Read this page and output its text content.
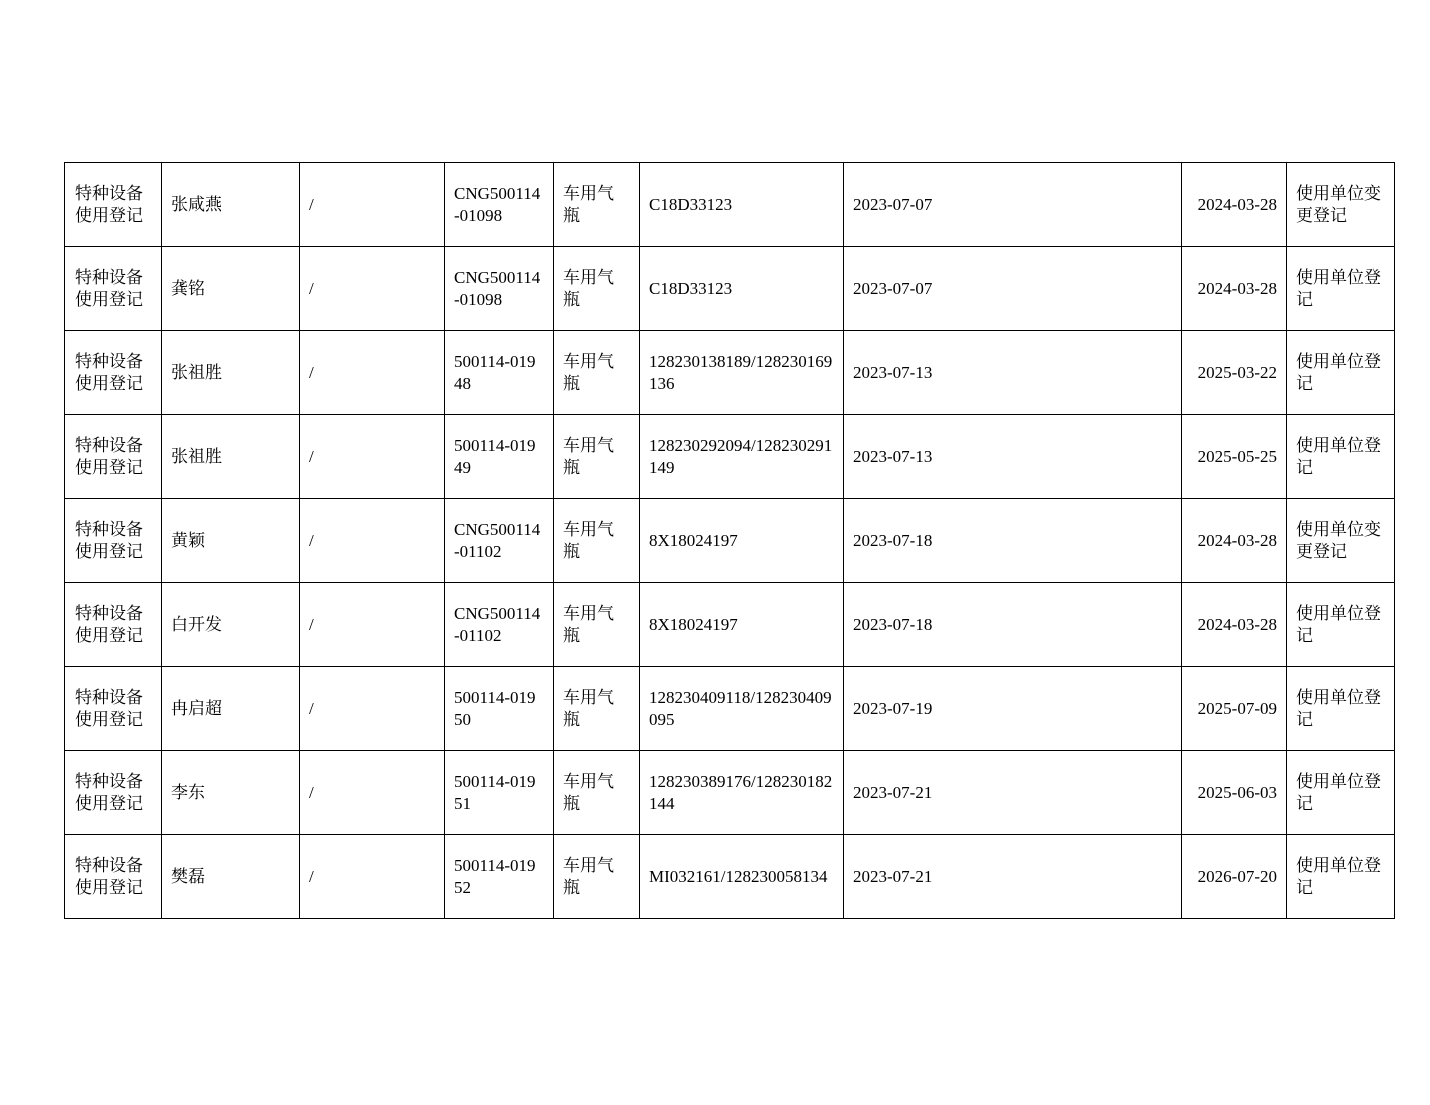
特种设备使用登记	张咸燕	/	CNG500114-01098	车用气瓶	C18D33123	2023-07-07	2024-03-28	使用单位变更登记
特种设备使用登记	龚铭	/	CNG500114-01098	车用气瓶	C18D33123	2023-07-07	2024-03-28	使用单位登记
特种设备使用登记	张祖胜	/	500114-01948	车用气瓶	128230138189/128230169136	2023-07-13	2025-03-22	使用单位登记
特种设备使用登记	张祖胜	/	500114-01949	车用气瓶	128230292094/128230291149	2023-07-13	2025-05-25	使用单位登记
特种设备使用登记	黄颖	/	CNG500114-01102	车用气瓶	8X18024197	2023-07-18	2024-03-28	使用单位变更登记
特种设备使用登记	白开发	/	CNG500114-01102	车用气瓶	8X18024197	2023-07-18	2024-03-28	使用单位登记
特种设备使用登记	冉启超	/	500114-01950	车用气瓶	128230409118/128230409095	2023-07-19	2025-07-09	使用单位登记
特种设备使用登记	李东	/	500114-01951	车用气瓶	128230389176/128230182144	2023-07-21	2025-06-03	使用单位登记
特种设备使用登记	樊磊	/	500114-01952	车用气瓶	MI032161/128230058134	2023-07-21	2026-07-20	使用单位登记
